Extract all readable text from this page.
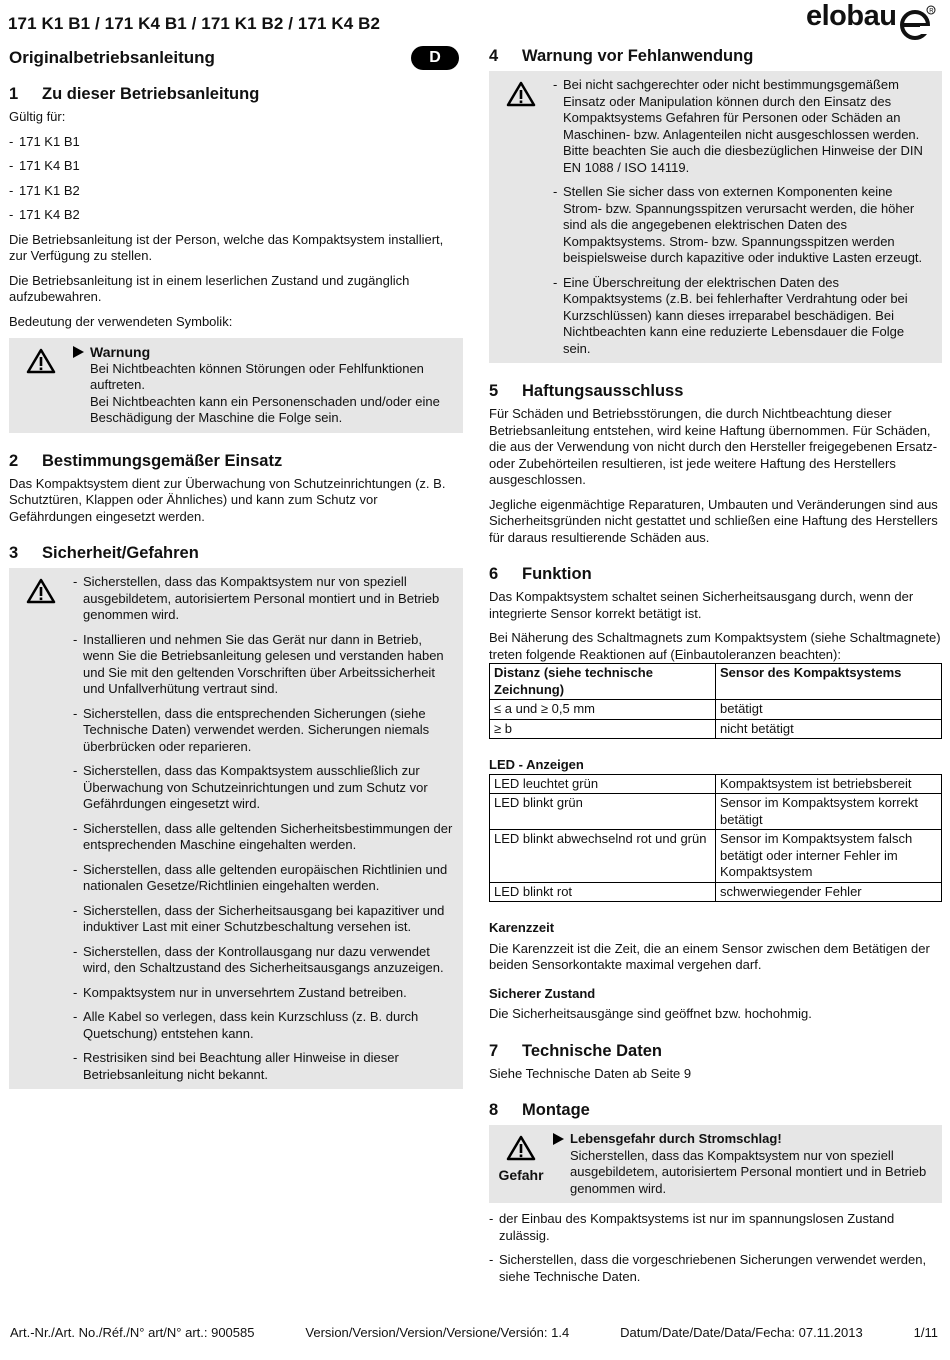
171 K1 B1 / 171 K4 B1 / 171 K1 B2 / 171 K4 B2	elobau	R
Originalbetriebsanleitung	D
1	Zu dieser Betriebsanleitung

Gültig für:

- 171 K1 B1
- 171 K4 B1
- 171 K1 B2
- 171 K4 B2

Die Betriebsanleitung ist der Person, welche das Kompaktsystem installiert, zur Verfügung zu stellen.

Die Betriebsanleitung ist in einem leserlichen Zustand und zugänglich aufzubewahren.

Bedeutung der verwendeten Symbolik:

Warnung
Bei Nichtbeachten können Störungen oder Fehlfunktionen auftreten.
Bei Nichtbeachten kann ein Personenschaden und/oder eine Beschädigung der Maschine die Folge sein.
2	Bestimmungsgemäßer Einsatz

Das Kompaktsystem dient zur Überwachung von Schutzeinrichtungen (z. B. Schutztüren, Klappen oder Ähnliches) und kann zum Schutz vor Gefährdungen eingesetzt werden.

3	Sicherheit/Gefahren
- Sicherstellen, dass das Kompaktsystem nur von speziell ausgebildetem, autorisiertem Personal montiert und in Betrieb genommen wird.
- Installieren und nehmen Sie das Gerät nur dann in Betrieb, wenn Sie die Betriebsanleitung gelesen und verstanden haben und Sie mit den geltenden Vorschriften über Arbeitssicherheit und Unfallverhütung vertraut sind.
- Sicherstellen, dass die entsprechenden Sicherungen (siehe Technische Daten) verwendet werden. Sicherungen niemals überbrücken oder reparieren.
- Sicherstellen, dass das Kompaktsystem ausschließlich zur Überwachung von Schutzeinrichtungen und zum Schutz vor Gefährdungen eingesetzt wird.
- Sicherstellen, dass alle geltenden Sicherheitsbestimmungen der entsprechenden Maschine eingehalten werden.
- Sicherstellen, dass alle geltenden europäischen Richtlinien und nationalen Gesetze/Richtlinien eingehalten werden.
- Sicherstellen, dass der Sicherheitsausgang bei kapazitiver und induktiver Last mit einer Schutzbeschaltung versehen ist.
- Sicherstellen, dass der Kontrollausgang nur dazu verwendet wird, den Schaltzustand des Sicherheitsausgangs anzuzeigen.
- Kompaktsystem nur in unversehrtem Zustand betreiben.
- Alle Kabel so verlegen, dass kein Kurzschluss (z. B. durch Quetschung) entstehen kann.
- Restrisiken sind bei Beachtung aller Hinweise in dieser Betriebsanleitung nicht bekannt.
4	Warnung vor Fehlanwendung
- Bei nicht sachgerechter oder nicht bestimmungsgemäßem Einsatz oder Manipulation können durch den Einsatz des Kompaktsystems Gefahren für Personen oder Schäden an Maschinen- bzw. Anlagenteilen nicht ausgeschlossen werden. Bitte beachten Sie auch die diesbezüglichen Hinweise der DIN EN 1088 / ISO 14119.
- Stellen Sie sicher dass von externen Komponenten keine Strom- bzw. Spannungsspitzen verursacht werden, die höher sind als die angegebenen elektrischen Daten des Kompaktsystems. Strom- bzw. Spannungsspitzen werden beispielsweise durch kapazitive oder induktive Lasten erzeugt.
- Eine Überschreitung der elektrischen Daten des Kompaktsystems (z.B. bei fehlerhafter Verdrahtung oder bei Kurzschlüssen) kann dieses irreparabel beschädigen. Bei Nichtbeachten kann eine reduzierte Lebensdauer die Folge sein.
5	Haftungsausschluss

Für Schäden und Betriebsstörungen, die durch Nichtbeachtung dieser Betriebsanleitung entstehen, wird keine Haftung übernommen. Für Schäden, die aus der Verwendung von nicht durch den Hersteller freigegebenen Ersatz- oder Zubehörteilen resultieren, ist jede weitere Haftung des Herstellers ausgeschlossen.

Jegliche eigenmächtige Reparaturen, Umbauten und Veränderungen sind aus Sicherheitsgründen nicht gestattet und schließen eine Haftung des Herstellers für daraus resultierende Schäden aus.

6	Funktion

Das Kompaktsystem schaltet seinen Sicherheitsausgang durch, wenn der integrierte Sensor korrekt betätigt ist.

Bei Näherung des Schaltmagnets zum Kompaktsystem (siehe Schaltmagnete) treten folgende Reaktionen auf (Einbautoleranzen beachten):

Distanz (siehe technische Zeichnung)	Sensor des Kompaktsystems
≤ a und ≥ 0,5 mm	betätigt
≥ b	nicht betätigt
LED - Anzeigen
LED leuchtet grün	Kompaktsystem ist betriebsbereit
LED blinkt grün	Sensor im Kompaktsystem korrekt betätigt
LED blinkt abwechselnd rot und grün	Sensor im Kompaktsystem falsch betätigt oder interner Fehler im Kompaktsystem
LED blinkt rot	schwerwiegender Fehler
Karenzzeit

Die Karenzzeit ist die Zeit, die an einem Sensor zwischen dem Betätigen der beiden Sensorkontakte maximal vergehen darf.

Sicherer Zustand

Die Sicherheitsausgänge sind geöffnet bzw. hochohmig.

7	Technische Daten

Siehe Technische Daten ab Seite 9

8	Montage
Gefahr
Lebensgefahr durch Stromschlag!
Sicherstellen, dass das Kompaktsystem nur von speziell ausgebildetem, autorisiertem Personal montiert und in Betrieb genommen wird.
- der Einbau des Kompaktsystems ist nur im spannungslosen Zustand zulässig.
- Sicherstellen, dass die vorgeschriebenen Sicherungen verwendet werden, siehe Technische Daten.
Art.-Nr./Art. No./Réf./N° art/N° art.: 900585	Version/Version/Version/Versione/Versión: 1.4	Datum/Date/Date/Data/Fecha: 07.11.2013	1/11
